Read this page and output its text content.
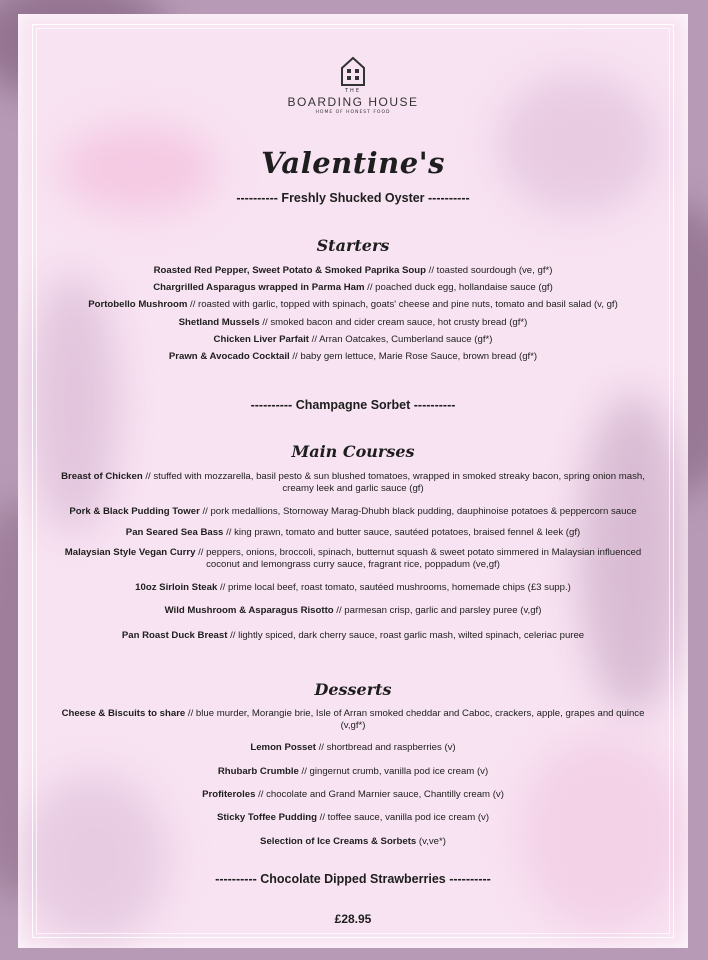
THE
BOARDING HOUSE
HOME OF HONEST FOOD
Valentine's
---------- Freshly Shucked Oyster ----------
Starters
Roasted Red Pepper, Sweet Potato & Smoked Paprika Soup // toasted sourdough (ve, gf*)
Chargrilled Asparagus wrapped in Parma Ham // poached duck egg, hollandaise sauce (gf)
Portobello Mushroom // roasted with garlic, topped with spinach, goats' cheese and pine nuts, tomato and basil salad (v, gf)
Shetland Mussels // smoked bacon and cider cream sauce, hot crusty bread (gf*)
Chicken Liver Parfait // Arran Oatcakes, Cumberland sauce (gf*)
Prawn & Avocado Cocktail // baby gem lettuce, Marie Rose Sauce, brown bread (gf*)
---------- Champagne Sorbet ----------
Main Courses
Breast of Chicken // stuffed with mozzarella, basil pesto & sun blushed tomatoes, wrapped in smoked streaky bacon, spring onion mash, creamy leek and garlic sauce (gf)
Pork & Black Pudding Tower // pork medallions, Stornoway Marag-Dhubh black pudding, dauphinoise potatoes & peppercorn sauce
Pan Seared Sea Bass // king prawn, tomato and butter sauce, sautéed potatoes, braised fennel & leek (gf)
Malaysian Style Vegan Curry // peppers, onions, broccoli, spinach, butternut squash & sweet potato simmered in Malaysian influenced coconut and lemongrass curry sauce, fragrant rice, poppadum (ve,gf)
10oz Sirloin Steak // prime local beef, roast tomato, sautéed mushrooms, homemade chips (£3 supp.)
Wild Mushroom & Asparagus Risotto // parmesan crisp, garlic and parsley puree (v,gf)
Pan Roast Duck Breast // lightly spiced, dark cherry sauce, roast garlic mash, wilted spinach, celeriac puree
Desserts
Cheese & Biscuits to share // blue murder, Morangie brie, Isle of Arran smoked cheddar and Caboc, crackers, apple, grapes and quince (v,gf*)
Lemon Posset // shortbread and raspberries (v)
Rhubarb Crumble // gingernut crumb, vanilla pod ice cream (v)
Profiteroles // chocolate and Grand Marnier sauce, Chantilly cream (v)
Sticky Toffee Pudding // toffee sauce, vanilla pod ice cream (v)
Selection of Ice Creams & Sorbets (v,ve*)
---------- Chocolate Dipped Strawberries ----------
£28.95
